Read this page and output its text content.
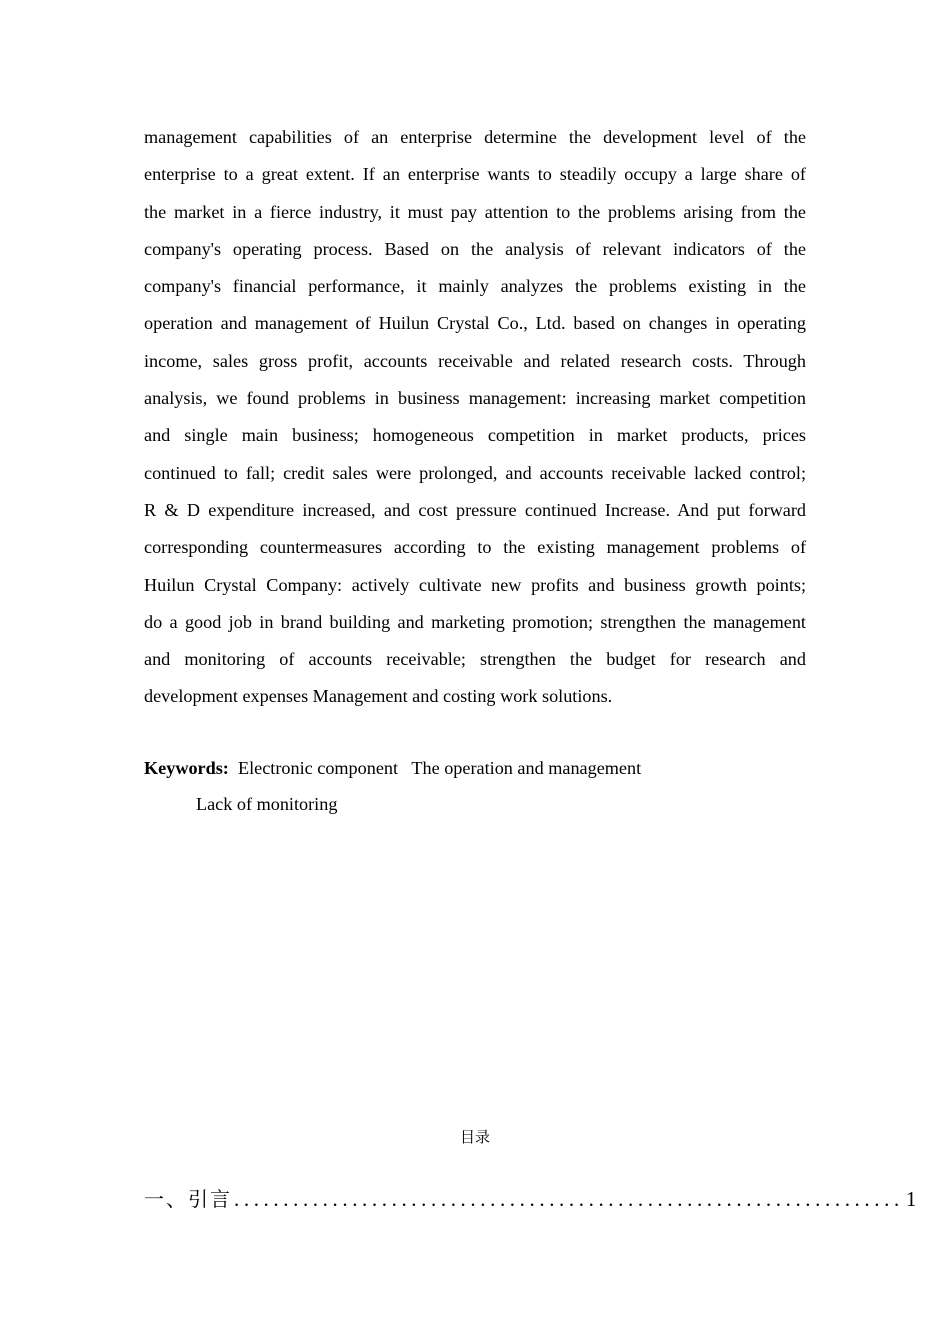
management capabilities of an enterprise determine the development level of the
enterprise to a great extent. If an enterprise wants to steadily occupy a large share of
the market in a fierce industry, it must pay attention to the problems arising from the
company's operating process. Based on the analysis of relevant indicators of the
company's financial performance, it mainly analyzes the problems existing in the
operation and management of Huilun Crystal Co., Ltd. based on changes in operating
income, sales gross profit, accounts receivable and related research costs. Through
analysis, we found problems in business management: increasing market competition
and single main business; homogeneous competition in market products, prices
continued to fall; credit sales were prolonged, and accounts receivable lacked control;
R & D expenditure increased, and cost pressure continued Increase. And put forward
corresponding countermeasures according to the existing management problems of
Huilun Crystal Company: actively cultivate new profits and business growth points;
do a good job in brand building and marketing promotion; strengthen the management
and monitoring of accounts receivable; strengthen the budget for research and
development expenses Management and costing work solutions.
Keywords: Electronic component   The operation and management
Lack of monitoring
目录
一、引言 .................................................................... 1
